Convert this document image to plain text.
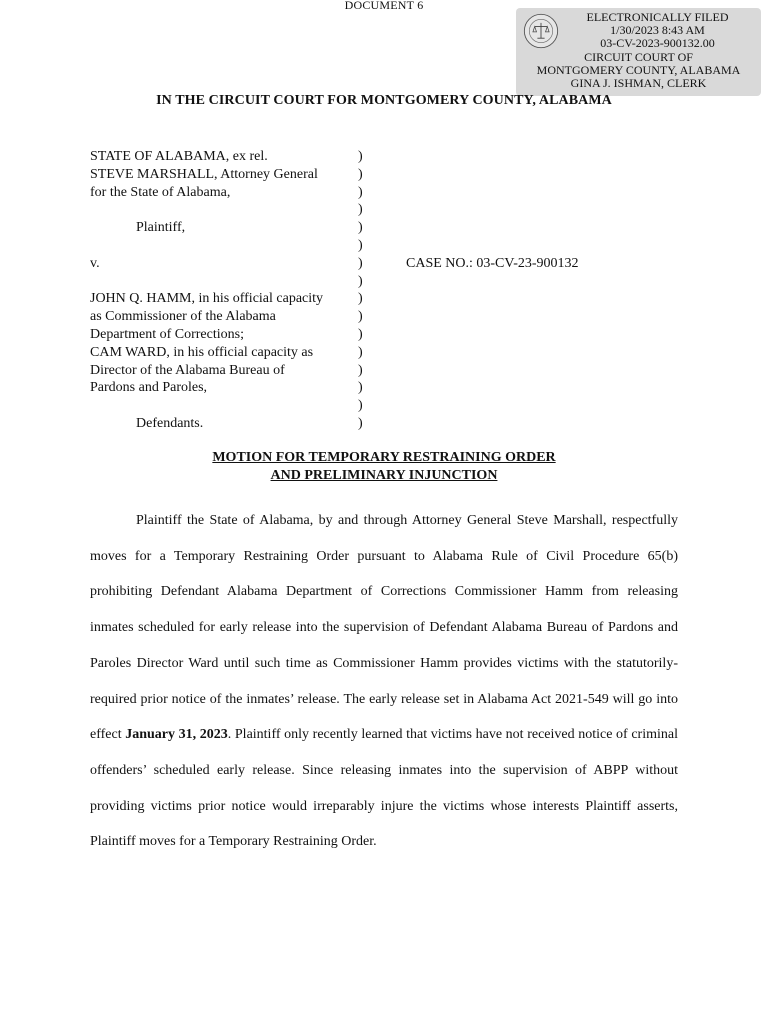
DOCUMENT 6
ELECTRONICALLY FILED
1/30/2023 8:43 AM
03-CV-2023-900132.00
CIRCUIT COURT OF
MONTGOMERY COUNTY, ALABAMA
GINA J. ISHMAN, CLERK
IN THE CIRCUIT COURT FOR MONTGOMERY COUNTY, ALABAMA
STATE OF ALABAMA, ex rel.
STEVE MARSHALL, Attorney General
for the State of Alabama,
Plaintiff,
v.
JOHN Q. HAMM, in his official capacity
as Commissioner of the Alabama
Department of Corrections;
CAM WARD, in his official capacity as
Director of the Alabama Bureau of
Pardons and Paroles,
Defendants.
)
)
)
)
)
)
)
)
)
)
)
)
)
)
)
)
CASE NO.: 03-CV-23-900132
MOTION FOR TEMPORARY RESTRAINING ORDER
AND PRELIMINARY INJUNCTION

Plaintiff the State of Alabama, by and through Attorney General Steve Marshall, respectfully moves for a Temporary Restraining Order pursuant to Alabama Rule of Civil Procedure 65(b) prohibiting Defendant Alabama Department of Corrections Commissioner Hamm from releasing inmates scheduled for early release into the supervision of Defendant Alabama Bureau of Pardons and Paroles Director Ward until such time as Commissioner Hamm provides victims with the statutorily-required prior notice of the inmates’ release. The early release set in Alabama Act 2021-549 will go into effect January 31, 2023. Plaintiff only recently learned that victims have not received notice of criminal offenders’ scheduled early release. Since releasing inmates into the supervision of ABPP without providing victims prior notice would irreparably injure the victims whose interests Plaintiff asserts, Plaintiff moves for a Temporary Restraining Order.
